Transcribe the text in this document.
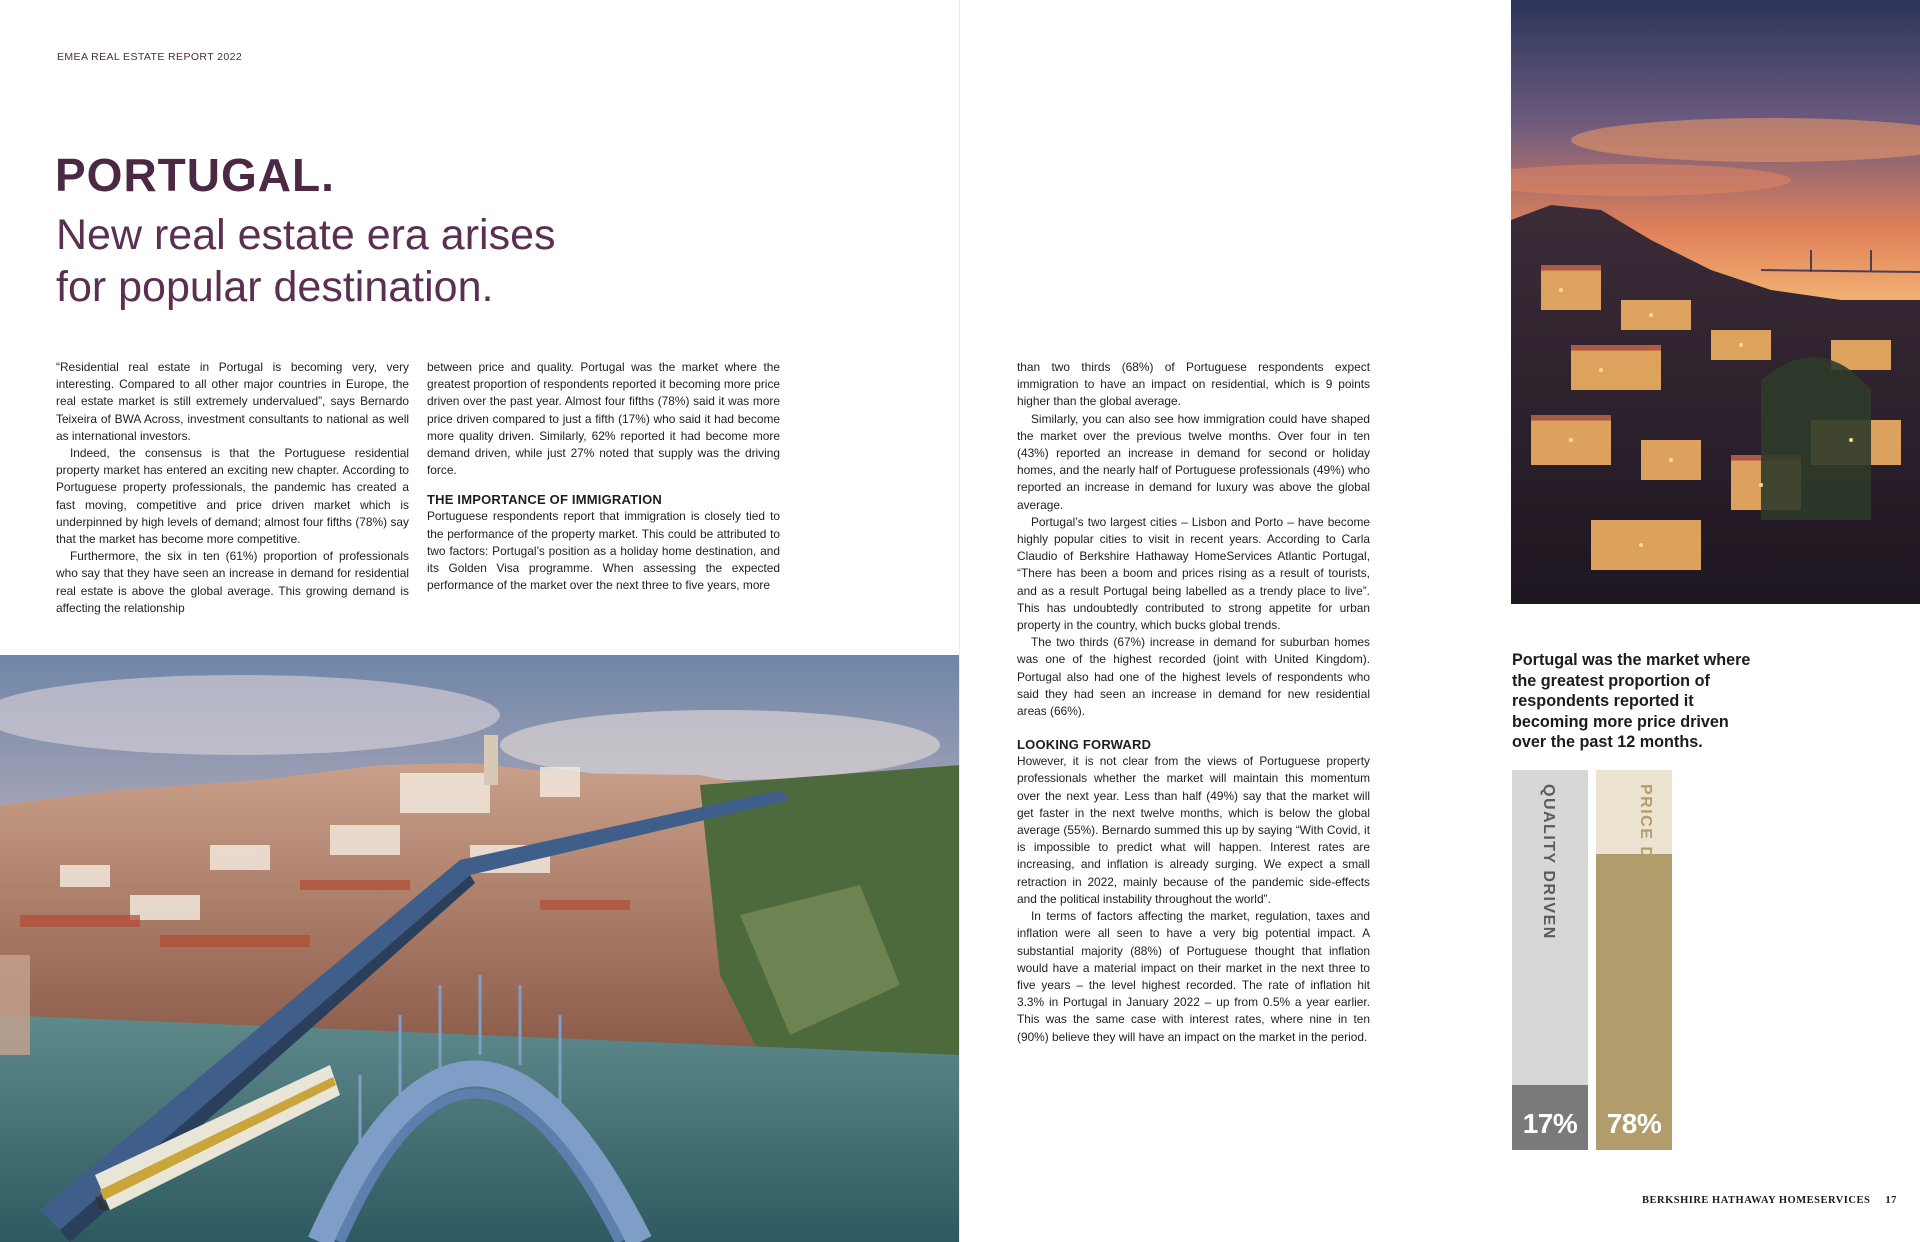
EMEA REAL ESTATE REPORT 2022
PORTUGAL.
New real estate era arises
for popular destination.

“Residential real estate in Portugal is becoming very, very interesting. Compared to all other major countries in Europe, the real estate market is still extremely undervalued”, says Bernardo Teixeira of BWA Across, investment consultants to national as well as international investors.

Indeed, the consensus is that the Portuguese residential property market has entered an exciting new chapter. According to Portuguese property professionals, the pandemic has created a fast moving, competitive and price driven market which is underpinned by high levels of demand; almost four fifths (78%) say that the market has become more competitive.

Furthermore, the six in ten (61%) proportion of professionals who say that they have seen an increase in demand for residential real estate is above the global average. This growing demand is affecting the relationship

between price and quality. Portugal was the market where the greatest proportion of respondents reported it becoming more price driven over the past year. Almost four fifths (78%) said it was more price driven compared to just a fifth (17%) who said it had become more quality driven. Similarly, 62% reported it had become more demand driven, while just 27% noted that supply was the driving force.

THE IMPORTANCE OF IMMIGRATION

Portuguese respondents report that immigration is closely tied to the performance of the property market. This could be attributed to two factors: Portugal’s position as a holiday home destination, and its Golden Visa programme. When assessing the expected performance of the market over the next three to five years, more

than two thirds (68%) of Portuguese respondents expect immigration to have an impact on residential, which is 9 points higher than the global average.

Similarly, you can also see how immigration could have shaped the market over the previous twelve months. Over four in ten (43%) reported an increase in demand for second or holiday homes, and the nearly half of Portuguese professionals (49%) who reported an increase in demand for luxury was above the global average.

Portugal’s two largest cities – Lisbon and Porto – have become highly popular cities to visit in recent years. According to Carla Claudio of Berkshire Hathaway HomeServices Atlantic Portugal, “There has been a boom and prices rising as a result of tourists, and as a result Portugal being labelled as a trendy place to live”. This has undoubtedly contributed to strong appetite for urban property in the country, which bucks global trends.

The two thirds (67%) increase in demand for suburban homes was one of the highest recorded (joint with United Kingdom). Portugal also had one of the highest levels of respondents who said they had seen an increase in demand for new residential areas (66%).

LOOKING FORWARD

However, it is not clear from the views of Portuguese property professionals whether the market will maintain this momentum over the next year. Less than half (49%) say that the market will get faster in the next twelve months, which is below the global average (55%). Bernardo summed this up by saying “With Covid, it is impossible to predict what will happen. Interest rates are increasing, and inflation is already surging. We expect a small retraction in 2022, mainly because of the pandemic side-effects and the political instability throughout the world”.

In terms of factors affecting the market, regulation, taxes and inflation were all seen to have a very big potential impact. A substantial majority (88%) of Portuguese thought that inflation would have a material impact on their market in the next three to five years – the level highest recorded. The rate of inflation hit 3.3% in Portugal in January 2022 – up from 0.5% a year earlier. This was the same case with interest rates, where nine in ten (90%) believe they will have an impact on the market in the period.

Portugal was the market where the greatest proportion of respondents reported it becoming more price driven over the past 12 months.

QUALITY DRIVEN
17%
PRICE DRIVEN
78%
BERKSHIRE HATHAWAY HOMESERVICES 17
